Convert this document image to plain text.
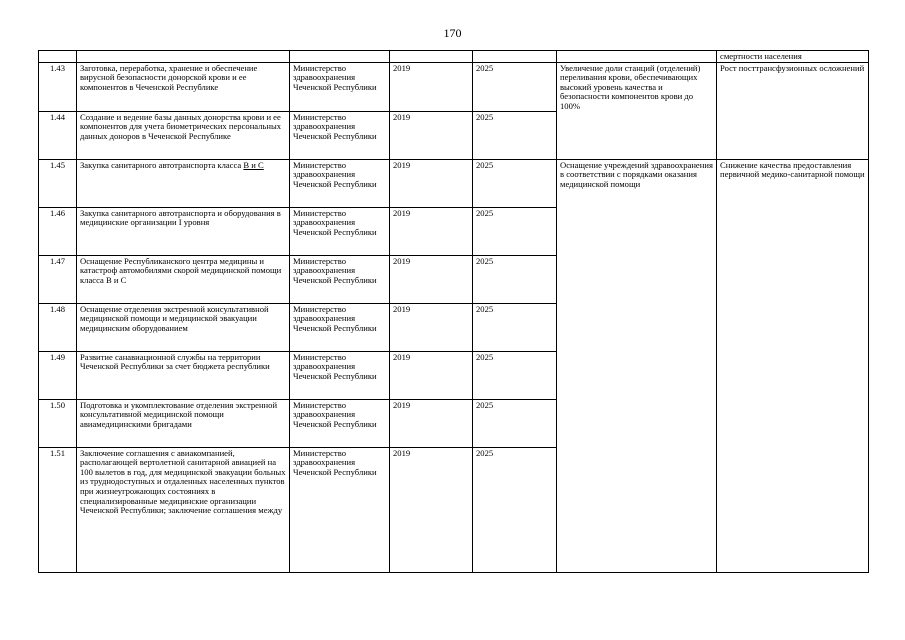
170
						смертности населения
1.43	Заготовка, переработка, хранение и обеспечение вирусной безопасности донорской крови и ее компонентов в Чеченской Республике	Министерство здравоохранения Чеченской Республики	2019	2025	Увеличение доли станций (отделений) переливания крови, обеспечивающих высокий уровень качества и безопасности компонентов крови до 100%	Рост посттрансфузионных осложнений
1.44	Создание и ведение базы данных донорства крови и ее компонентов для учета биометрических персональных данных доноров в Чеченской Республике	Министерство здравоохранения Чеченской Республики	2019	2025		
1.45	Закупка санитарного автотранспорта класса В и С	Министерство здравоохранения Чеченской Республики	2019	2025	Оснащение учреждений здравоохранения в соответствии с порядками оказания медицинской помощи	Снижение качества предоставления первичной медико-санитарной помощи
1.46	Закупка санитарного автотранспорта и оборудования в медицинские организации I уровня	Министерство здравоохранения Чеченской Республики	2019	2025		
1.47	Оснащение Республиканского центра медицины и катастроф автомобилями скорой медицинской помощи класса В и С	Министерство здравоохранения Чеченской Республики	2019	2025		
1.48	Оснащение отделения экстренной консультативной медицинской помощи и медицинской эвакуации медицинским оборудованием	Министерство здравоохранения Чеченской Республики	2019	2025		
1.49	Развитие санавиационной службы на территории Чеченской Республики за счет бюджета республики	Министерство здравоохранения Чеченской Республики	2019	2025		
1.50	Подготовка и укомплектование отделения экстренной консультативной медицинской помощи авиамедицинскими бригадами	Министерство здравоохранения Чеченской Республики	2019	2025		
1.51	Заключение соглашения с авиакомпанией, располагающей вертолетной санитарной авиацией на 100 вылетов в год, для медицинской эвакуации больных из труднодоступных и отдаленных населенных пунктов при жизнеугрожающих состояниях в специализированные медицинские организации Чеченской Республики; заключение соглашения между	Министерство здравоохранения Чеченской Республики	2019	2025		
